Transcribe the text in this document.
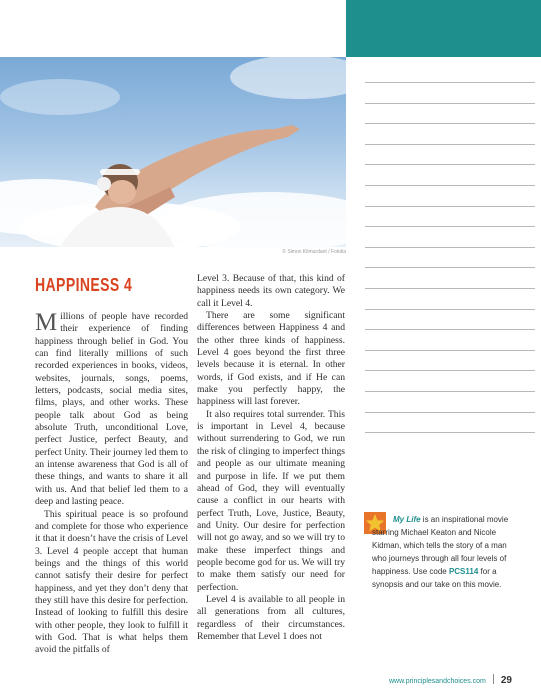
© Simon Kilmurdant / Fotolia
HAPPINESS 4

Millions of people have recorded their experience of finding happiness through belief in God. You can find literally millions of such recorded experiences in books, videos, websites, journals, songs, poems, letters, podcasts, social media sites, films, plays, and other works. These people talk about God as being absolute Truth, unconditional Love, perfect Justice, perfect Beauty, and perfect Unity. Their journey led them to an intense awareness that God is all of these things, and wants to share it all with us. And that belief led them to a deep and lasting peace.

This spiritual peace is so profound and complete for those who experience it that it doesn’t have the crisis of Level 3. Level 4 people accept that human beings and the things of this world cannot satisfy their desire for perfect happiness, and yet they don’t deny that they still have this desire for perfection. Instead of looking to fulfill this desire with other people, they look to fulfill it with God. That is what helps them avoid the pitfalls of

Level 3. Because of that, this kind of happiness needs its own category. We call it Level 4.

There are some significant differences between Happiness 4 and the other three kinds of happiness. Level 4 goes beyond the first three levels because it is eternal. In other words, if God exists, and if He can make you perfectly happy, the happiness will last forever.

It also requires total surrender. This is important in Level 4, because without surrendering to God, we run the risk of clinging to imperfect things and people as our ultimate meaning and purpose in life. If we put them ahead of God, they will eventually cause a conflict in our hearts with perfect Truth, Love, Justice, Beauty, and Unity. Our desire for perfection will not go away, and so we will try to make these imperfect things and people become god for us. We will try to make them satisfy our need for perfection.

Level 4 is available to all people in all generations from all cultures, regardless of their circumstances. Remember that Level 1 does not

My Life is an inspirational movie starring Michael Keaton and Nicole Kidman, which tells the story of a man who journeys through all four levels of happiness. Use code PCS114 for a synopsis and our take on this movie.
www.principlesandchoices.com 29
